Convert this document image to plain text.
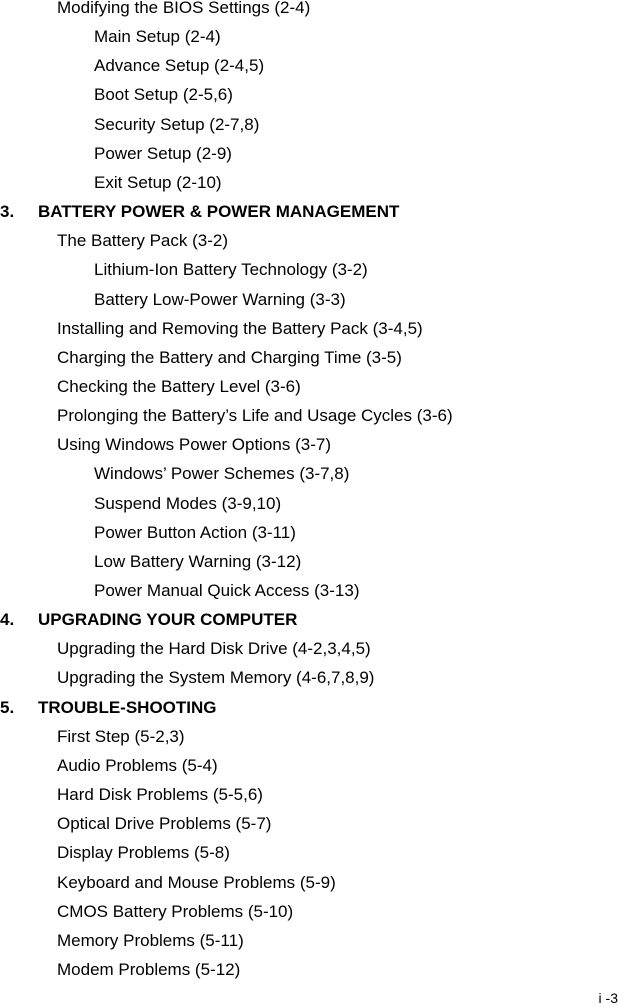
Modifying the BIOS Settings (2-4)
Main Setup (2-4)
Advance Setup (2-4,5)
Boot Setup (2-5,6)
Security Setup (2-7,8)
Power Setup (2-9)
Exit Setup (2-10)
3. BATTERY POWER & POWER MANAGEMENT
The Battery Pack (3-2)
Lithium-Ion Battery Technology (3-2)
Battery Low-Power Warning (3-3)
Installing and Removing the Battery Pack (3-4,5)
Charging the Battery and Charging Time (3-5)
Checking the Battery Level (3-6)
Prolonging the Battery’s Life and Usage Cycles (3-6)
Using Windows Power Options (3-7)
Windows’ Power Schemes (3-7,8)
Suspend Modes (3-9,10)
Power Button Action (3-11)
Low Battery Warning (3-12)
Power Manual Quick Access (3-13)
4. UPGRADING YOUR COMPUTER
Upgrading the Hard Disk Drive (4-2,3,4,5)
Upgrading the System Memory (4-6,7,8,9)
5. TROUBLE-SHOOTING
First Step (5-2,3)
Audio Problems (5-4)
Hard Disk Problems (5-5,6)
Optical Drive Problems (5-7)
Display Problems (5-8)
Keyboard and Mouse Problems (5-9)
CMOS Battery Problems (5-10)
Memory Problems (5-11)
Modem Problems (5-12)
i -3
